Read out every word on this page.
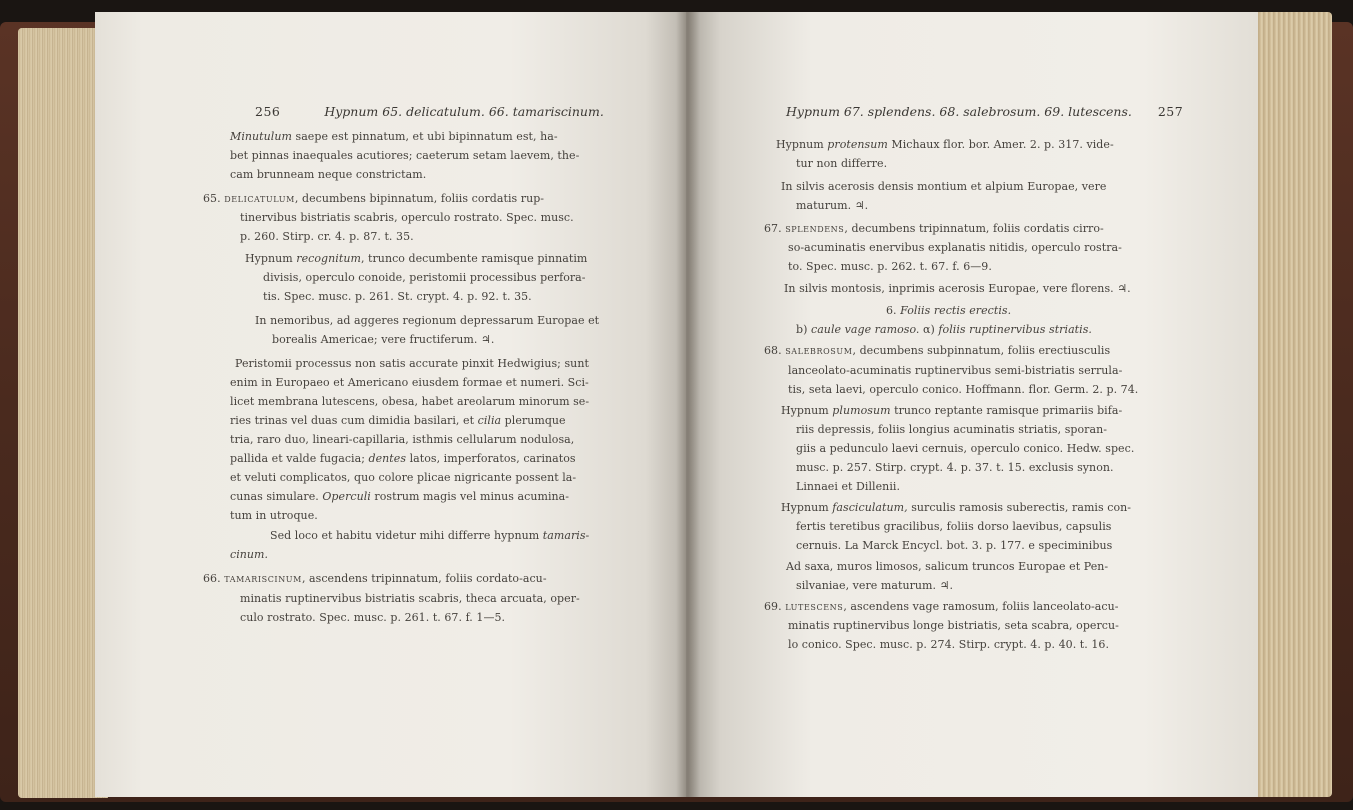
256	Hypnum 65. delicatulum. 66. tamariscinum.
Minutulum saepe est pinnatum, et ubi bipinnatum est, ha-
bet pinnas inaequales acutiores; caeterum setam laevem, the-
cam brunneam neque constrictam.
65. delicatulum, decumbens bipinnatum, foliis cordatis rup-
tinervibus bistriatis scabris, operculo rostrato. Spec. musc.
p. 260. Stirp. cr. 4. p. 87. t. 35.
Hypnum recognitum, trunco decumbente ramisque pinnatim
divisis, operculo conoide, peristomii processibus perfora-
tis. Spec. musc. p. 261. St. crypt. 4. p. 92. t. 35.
In nemoribus, ad aggeres regionum depressarum Europae et
borealis Americae; vere fructiferum. ♃.
Peristomii processus non satis accurate pinxit Hedwigius; sunt
enim in Europaeo et Americano eiusdem formae et numeri. Sci-
licet membrana lutescens, obesa, habet areolarum minorum se-
ries trinas vel duas cum dimidia basilari, et cilia plerumque
tria, raro duo, lineari-capillaria, isthmis cellularum nodulosa,
pallida et valde fugacia; dentes latos, imperforatos, carinatos
et veluti complicatos, quo colore plicae nigricante possent la-
cunas simulare. Operculi rostrum magis vel minus acumina-
tum in utroque.
Sed loco et habitu videtur mihi differre hypnum tamaris-
cinum.
66. tamariscinum, ascendens tripinnatum, foliis cordato-acu-
minatis ruptinervibus bistriatis scabris, theca arcuata, oper-
culo rostrato. Spec. musc. p. 261. t. 67. f. 1—5.
Hypnum 67. splendens. 68. salebrosum. 69. lutescens. 257
Hypnum protensum Michaux flor. bor. Amer. 2. p. 317. vide-
tur non differre.
In silvis acerosis densis montium et alpium Europae, vere
maturum. ♃.
67. splendens, decumbens tripinnatum, foliis cordatis cirro-
so-acuminatis enervibus explanatis nitidis, operculo rostra-
to. Spec. musc. p. 262. t. 67. f. 6—9.
In silvis montosis, inprimis acerosis Europae, vere florens. ♃.
6. Foliis rectis erectis.
b) caule vage ramoso. α) foliis ruptinervibus striatis.
68. salebrosum, decumbens subpinnatum, foliis erectiusculis
lanceolato-acuminatis ruptinervibus semi-bistriatis serrula-
tis, seta laevi, operculo conico. Hoffmann. flor. Germ. 2. p. 74.
Hypnum plumosum trunco reptante ramisque primariis bifa-
riis depressis, foliis longius acuminatis striatis, sporan-
giis a pedunculo laevi cernuis, operculo conico. Hedw. spec.
musc. p. 257. Stirp. crypt. 4. p. 37. t. 15. exclusis synon.
Linnaei et Dillenii.
Hypnum fasciculatum, surculis ramosis suberectis, ramis con-
fertis teretibus gracilibus, foliis dorso laevibus, capsulis
cernuis. La Marck Encycl. bot. 3. p. 177. e speciminibus
Ad saxa, muros limosos, salicum truncos Europae et Pen-
silvaniae, vere maturum. ♃.
69. lutescens, ascendens vage ramosum, foliis lanceolato-acu-
minatis ruptinervibus longe bistriatis, seta scabra, opercu-
lo conico. Spec. musc. p. 274. Stirp. crypt. 4. p. 40. t. 16.
